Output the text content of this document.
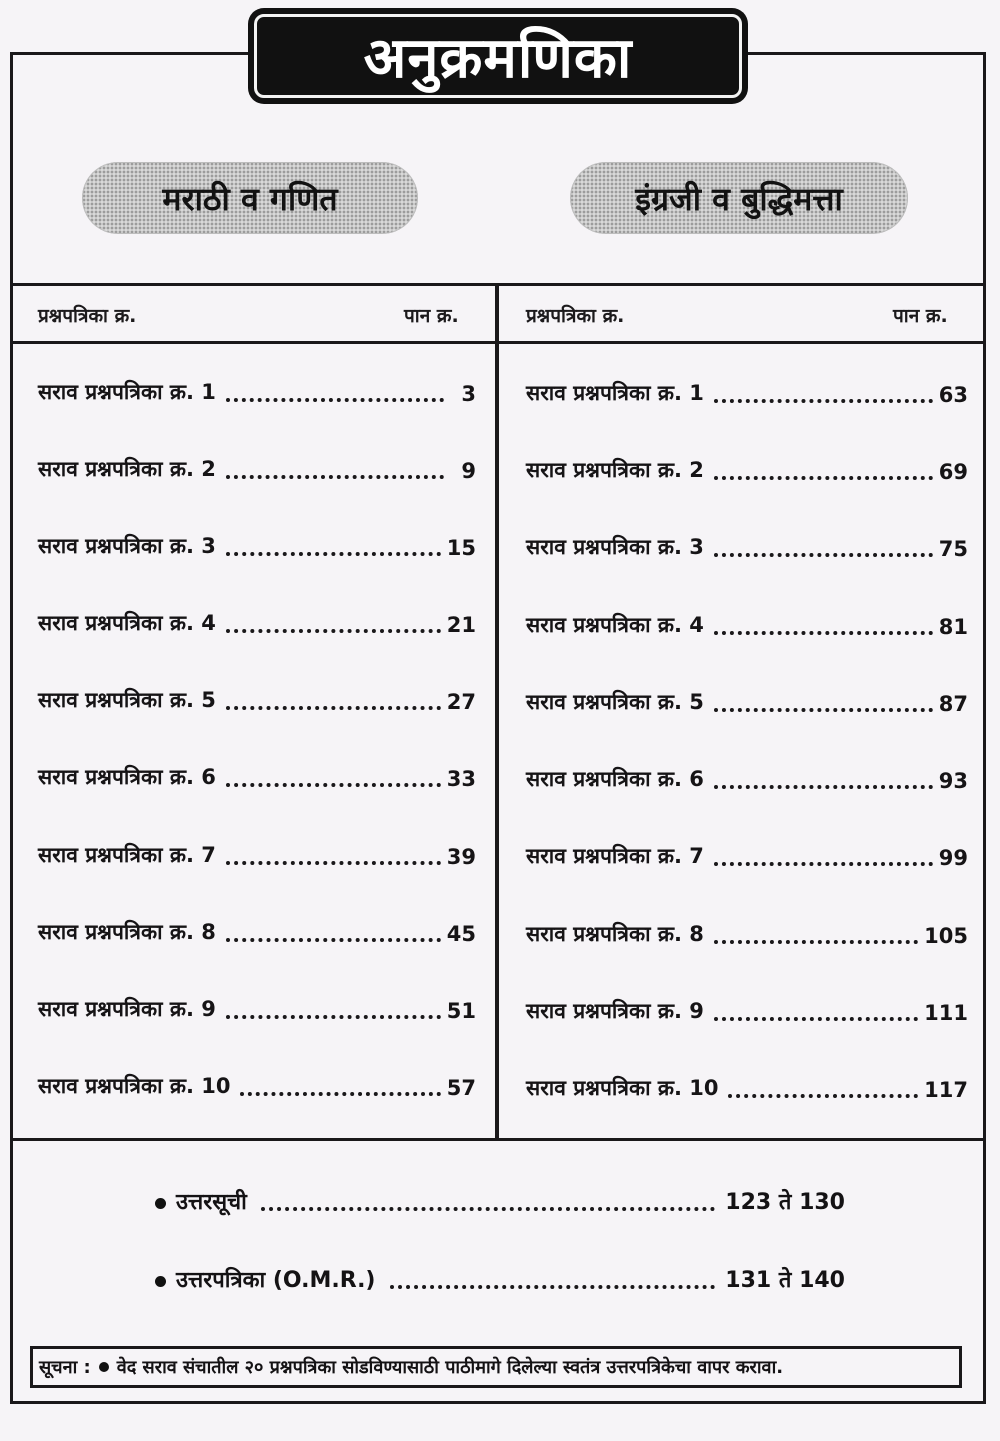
अनुक्रमणिका
मराठी व गणित	इंग्रजी व बुद्धिमत्ता
प्रश्नपत्रिका क्र.	पान क्र.	प्रश्नपत्रिका क्र.	पान क्र.
सराव प्रश्नपत्रिका क्र. 1	3
सराव प्रश्नपत्रिका क्र. 2	9
सराव प्रश्नपत्रिका क्र. 3	15
सराव प्रश्नपत्रिका क्र. 4	21
सराव प्रश्नपत्रिका क्र. 5	27
सराव प्रश्नपत्रिका क्र. 6	33
सराव प्रश्नपत्रिका क्र. 7	39
सराव प्रश्नपत्रिका क्र. 8	45
सराव प्रश्नपत्रिका क्र. 9	51
सराव प्रश्नपत्रिका क्र. 10	57
सराव प्रश्नपत्रिका क्र. 1	63
सराव प्रश्नपत्रिका क्र. 2	69
सराव प्रश्नपत्रिका क्र. 3	75
सराव प्रश्नपत्रिका क्र. 4	81
सराव प्रश्नपत्रिका क्र. 5	87
सराव प्रश्नपत्रिका क्र. 6	93
सराव प्रश्नपत्रिका क्र. 7	99
सराव प्रश्नपत्रिका क्र. 8	105
सराव प्रश्नपत्रिका क्र. 9	111
सराव प्रश्नपत्रिका क्र. 10	117
उत्तरसूची	123 ते 130
उत्तरपत्रिका (O.M.R.)	131 ते 140
सूचना : वेद सराव संचातील २० प्रश्नपत्रिका सोडविण्यासाठी पाठीमागे दिलेल्या स्वतंत्र उत्तरपत्रिकेचा वापर करावा.
